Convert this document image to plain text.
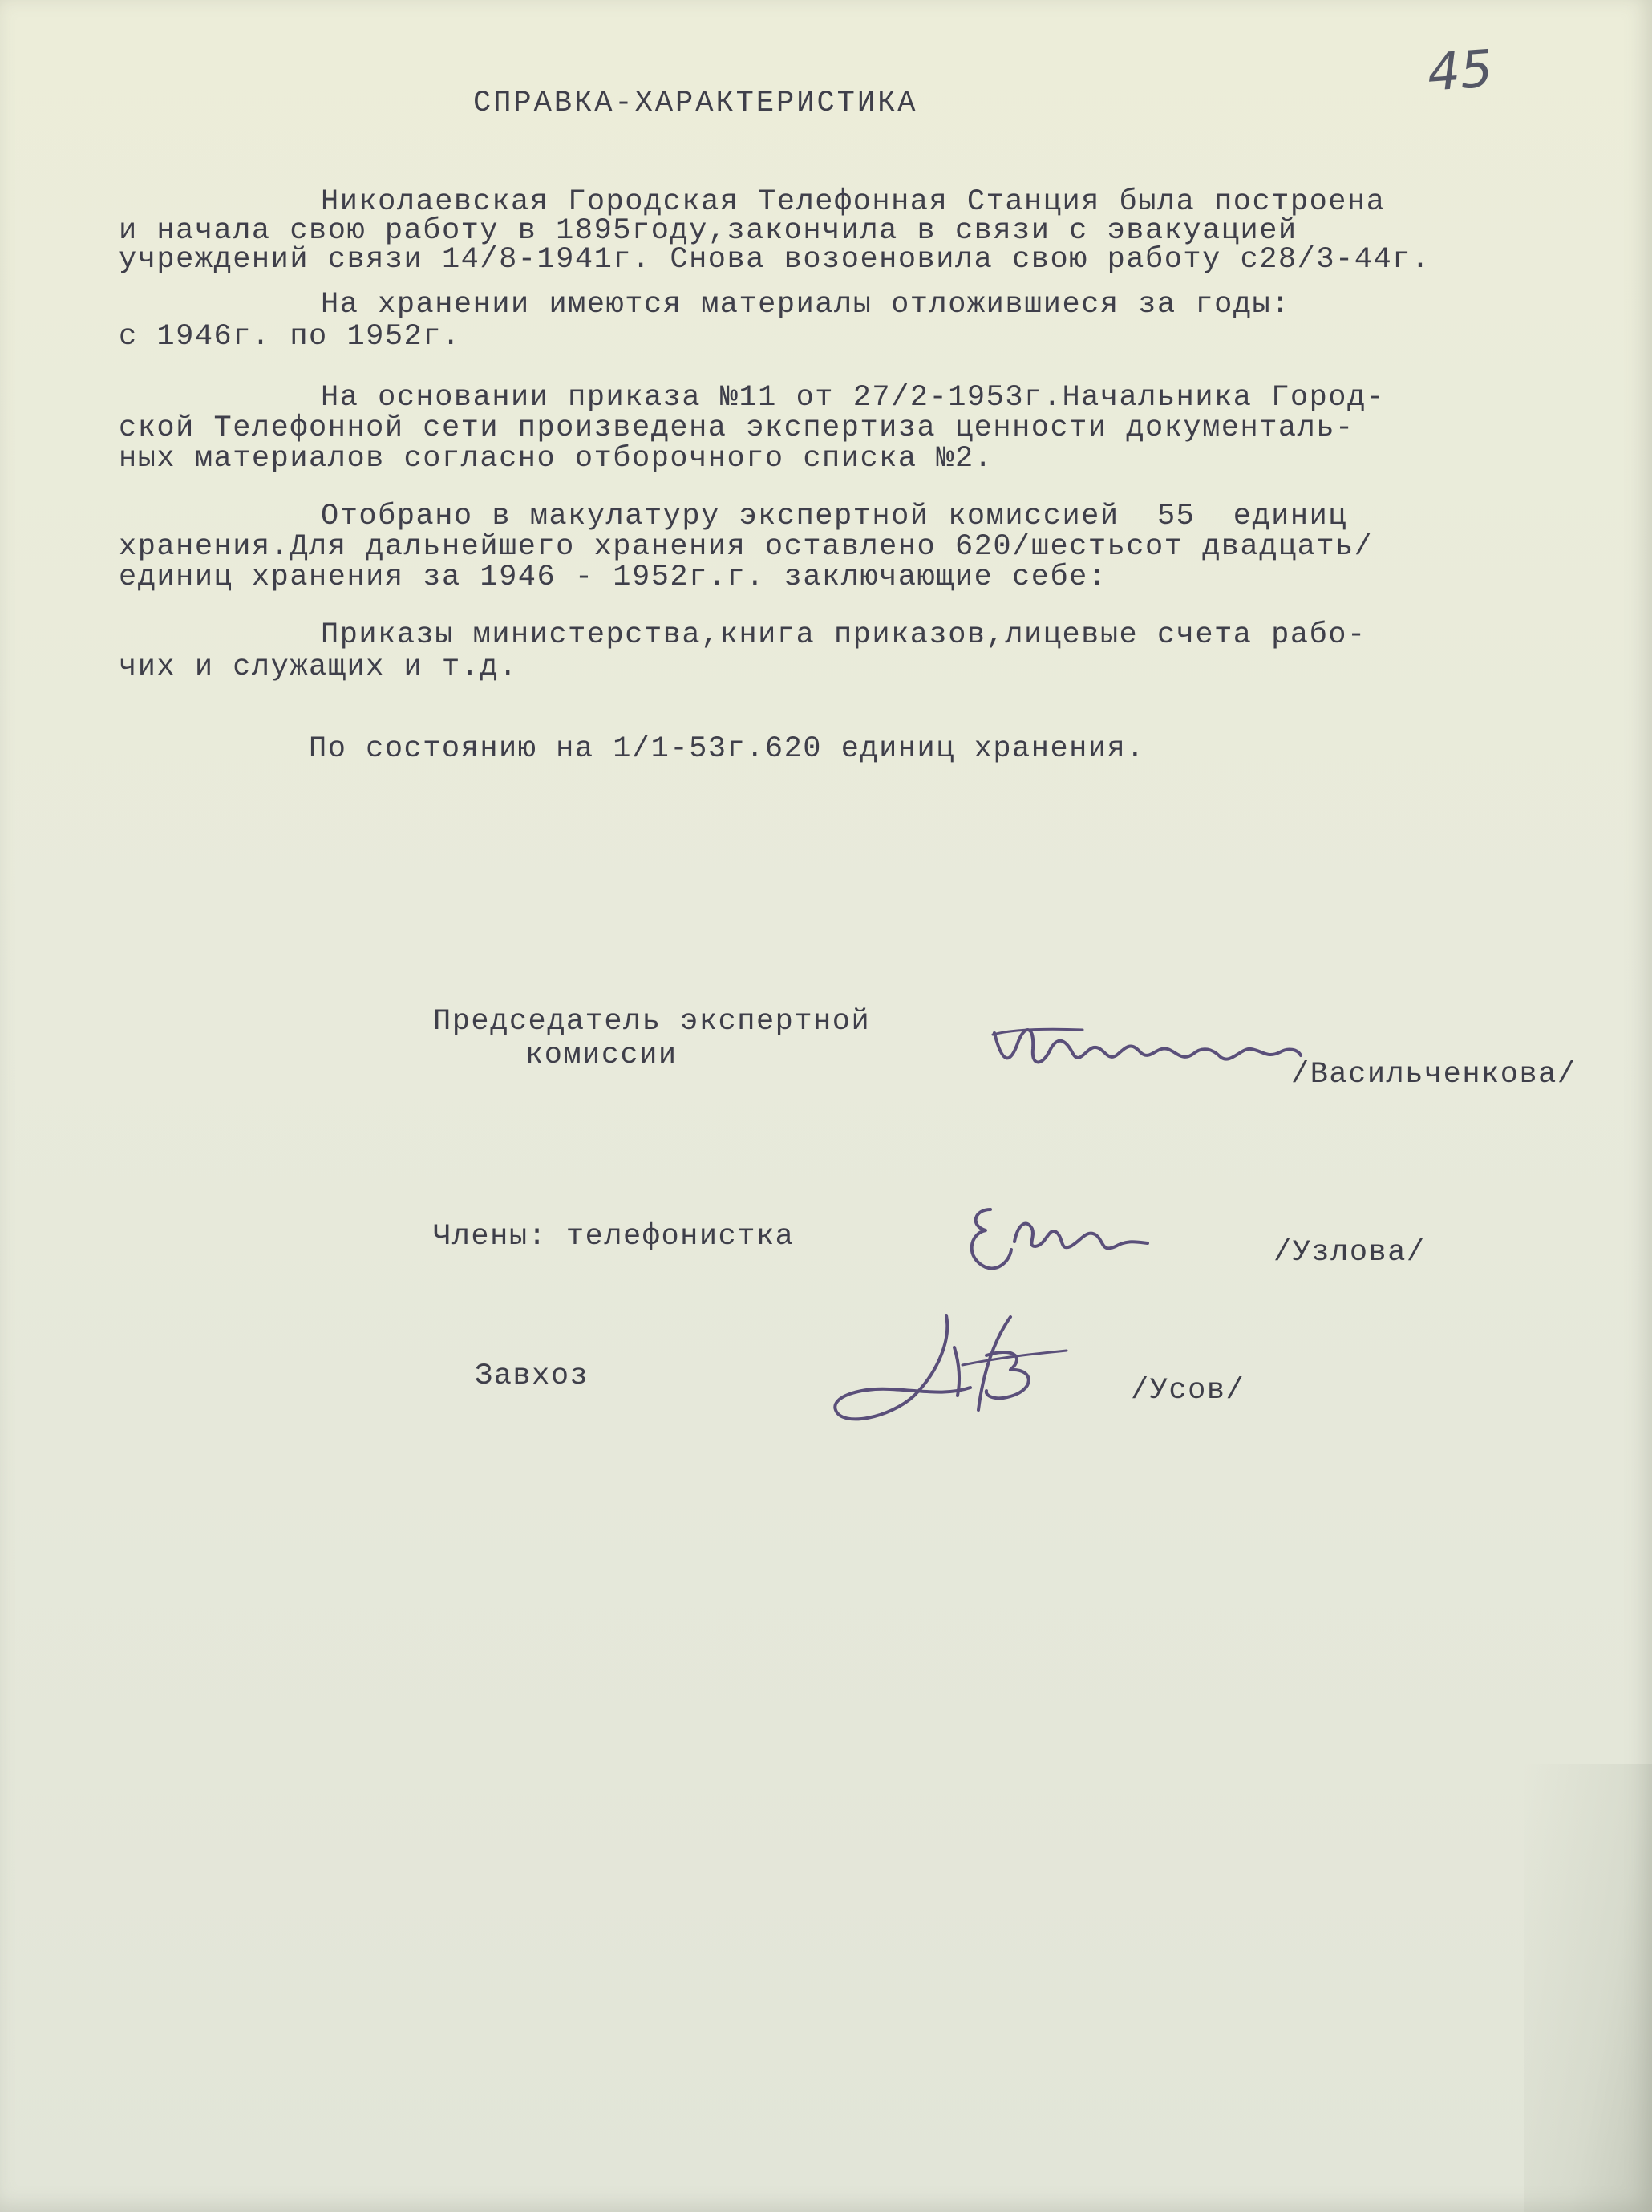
45
СПРАВКА-ХАРАКТЕРИСТИКА
Николаевская Городская Телефонная Станция была построена
и начала свою работу в 1895году,закончила в связи с эвакуацией
учреждений связи 14/8-1941г. Снова возоеновила свою работу с28/3-44г.
На хранении имеются материалы отложившиеся за годы:
с 1946г. по 1952г.
На основании приказа №11 от 27/2-1953г.Начальника Город-
ской Телефонной сети произведена экспертиза ценности документаль-
ных материалов согласно отборочного списка №2.
Отобрано в макулатуру экспертной комиссией  55  единиц
хранения.Для дальнейшего хранения оставлено 620/шестьсот двадцать/
единиц хранения за 1946 - 1952г.г. заключающие себе:
Приказы министерства,книга приказов,лицевые счета рабо-
чих и служащих и т.д.
По состоянию на 1/1-53г.620 единиц хранения.
Председатель экспертной
комиссии
/Васильченкова/
Члены: телефонистка	/Узлова/
Завхоз	/Усов/
